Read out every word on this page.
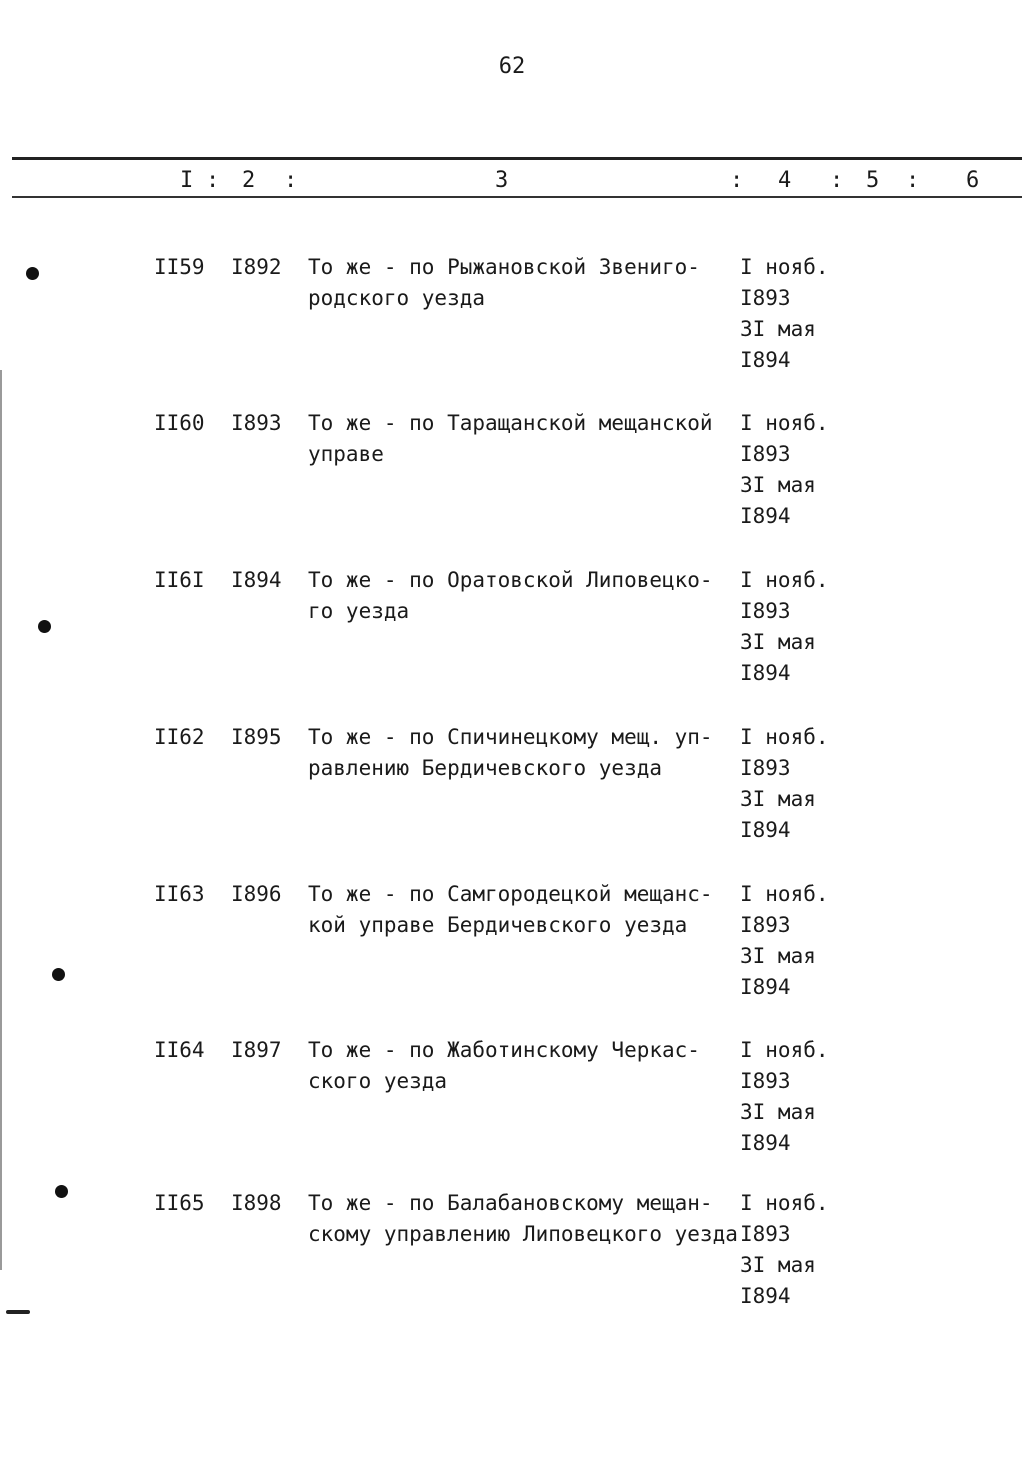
62
I : 2 :	3	: 4 : 5 : 6
II59 I892 То же - по Рыжановской Звениго-
родского уезда
I нояб.
I893
3I мая
I894
II60 I893 То же - по Таращанской мещанской
управе
I нояб.
I893
3I мая
I894
II6I I894 То же - по Оратовской Липовецко-
го уезда
I нояб.
I893
3I мая
I894
II62 I895 То же - по Спичинецкому мещ. уп-
равлению Бердичевского уезда
I нояб.
I893
3I мая
I894
II63 I896 То же - по Самгородецкой мещанс-
кой управе Бердичевского уезда
I нояб.
I893
3I мая
I894
II64 I897 То же - по Жаботинскому Черкас-
ского уезда
I нояб.
I893
3I мая
I894
II65 I898 То же - по Балабановскому мещан-
скому управлению Липовецкого уезда
I нояб.
I893
3I мая
I894
